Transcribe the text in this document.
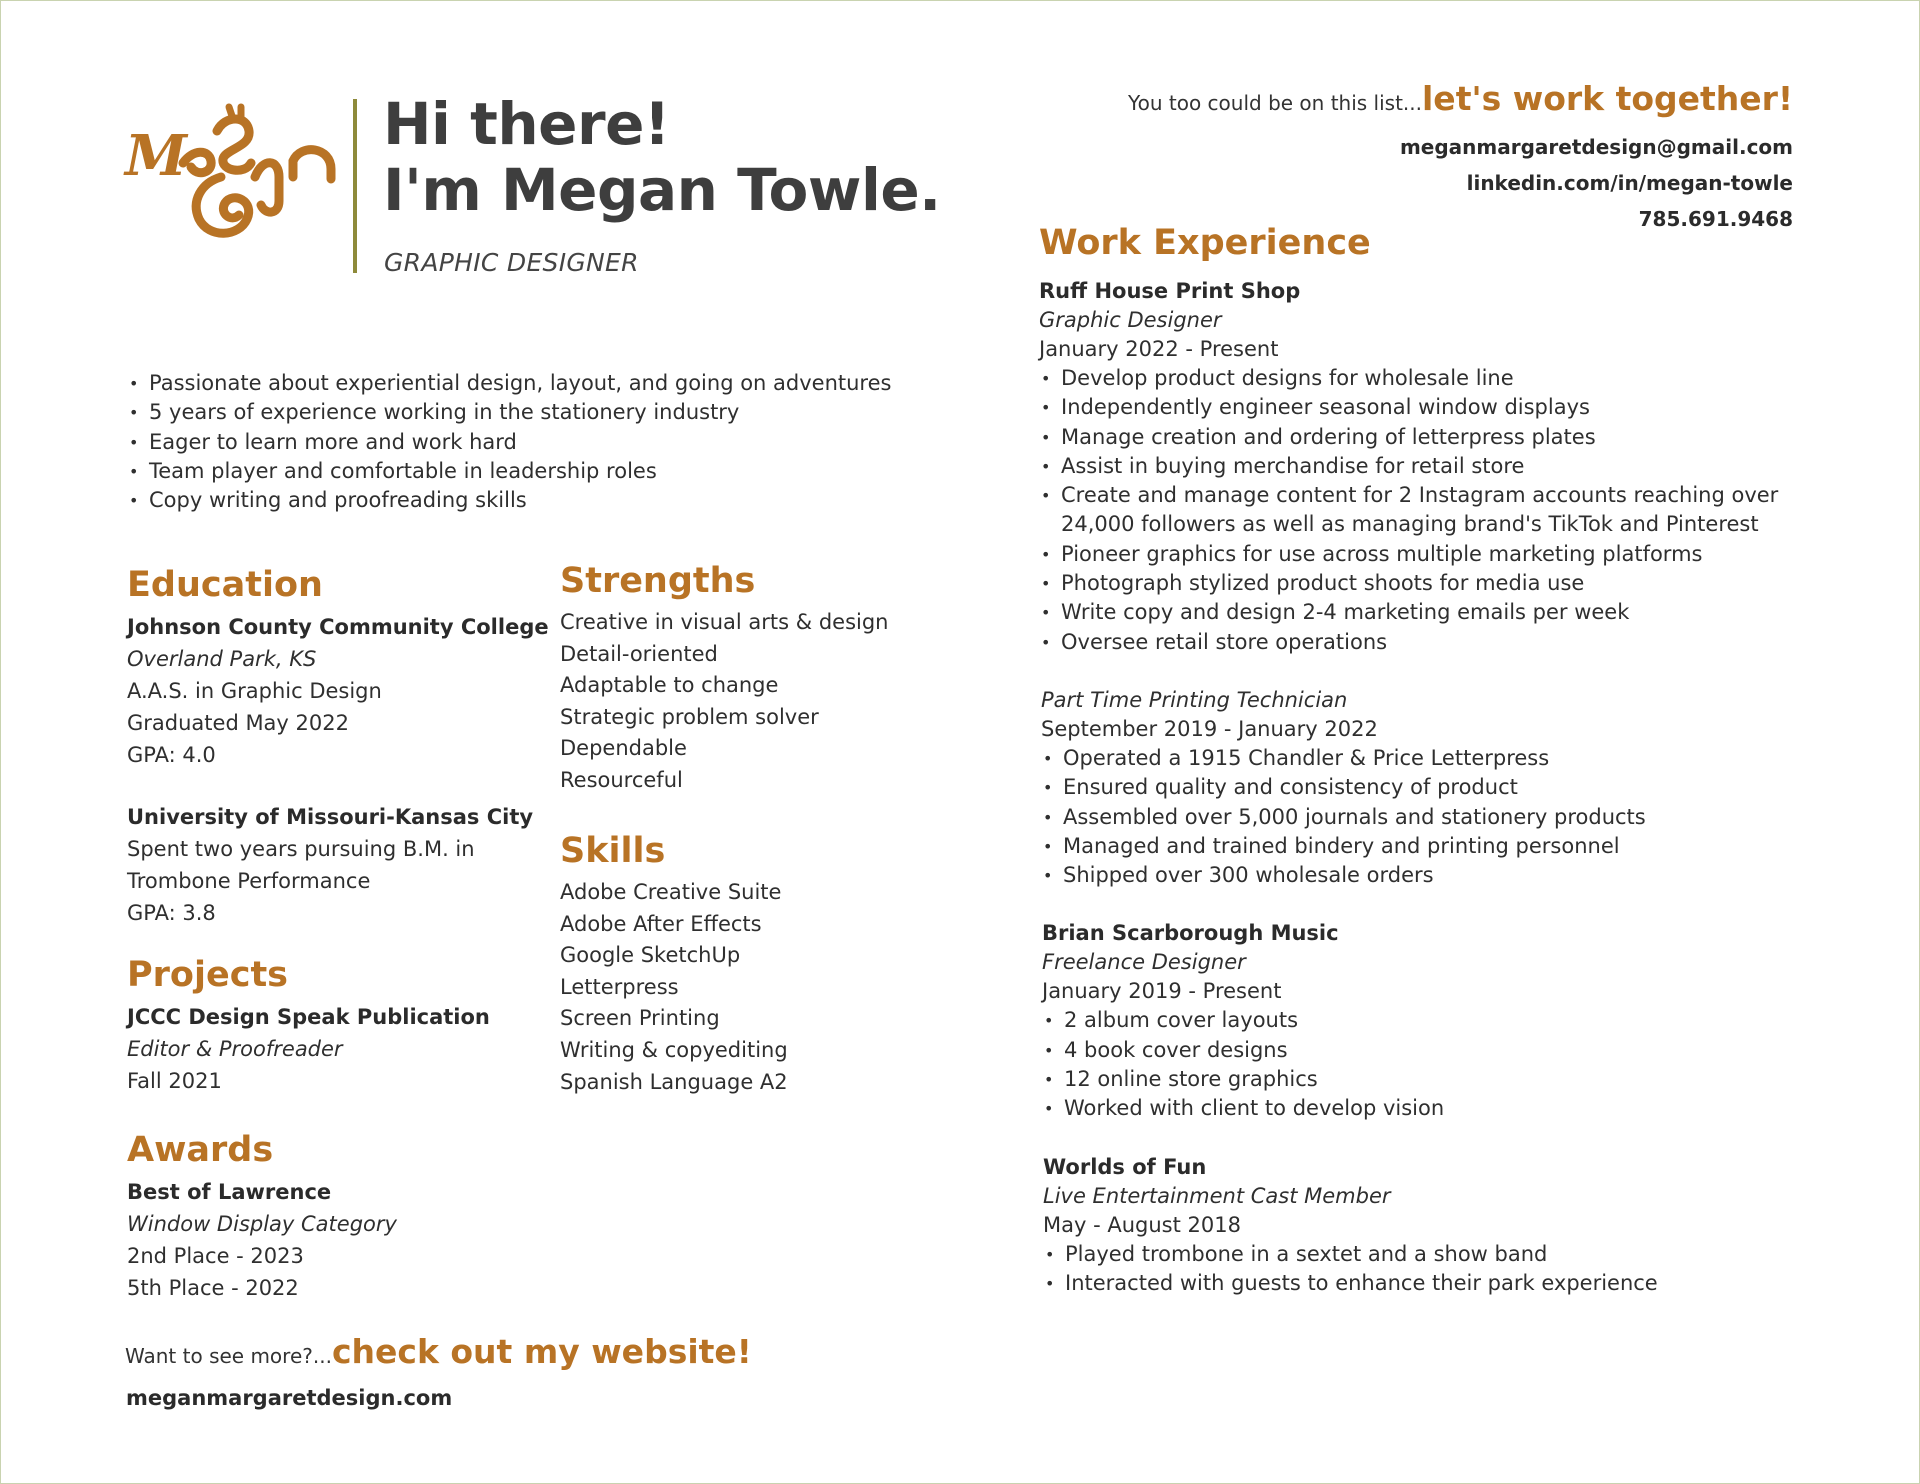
M	Hi there!
I'm Megan Towle.
GRAPHIC DESIGNER
You too could be on this list...let's work together!
meganmargaretdesign@gmail.com
linkedin.com/in/megan-towle
785.691.9468
• Passionate about experiential design, layout, and going on adventures
• 5 years of experience working in the stationery industry
• Eager to learn more and work hard
• Team player and comfortable in leadership roles
• Copy writing and proofreading skills
Education
Johnson County Community College
Overland Park, KS
A.A.S. in Graphic Design
Graduated May 2022
GPA: 4.0
University of Missouri-Kansas City
Spent two years pursuing B.M. in
Trombone Performance
GPA: 3.8
Projects
JCCC Design Speak Publication
Editor & Proofreader
Fall 2021
Awards
Best of Lawrence
Window Display Category
2nd Place - 2023
5th Place - 2022
Want to see more?...check out my website!
meganmargaretdesign.com
Strengths
Creative in visual arts & design
Detail-oriented
Adaptable to change
Strategic problem solver
Dependable
Resourceful
Skills
Adobe Creative Suite
Adobe After Effects
Google SketchUp
Letterpress
Screen Printing
Writing & copyediting
Spanish Language A2
Work Experience
Ruff House Print Shop
Graphic Designer
January 2022 - Present
• Develop product designs for wholesale line
• Independently engineer seasonal window displays
• Manage creation and ordering of letterpress plates
• Assist in buying merchandise for retail store
• Create and manage content for 2 Instagram accounts reaching over
24,000 followers as well as managing brand's TikTok and Pinterest
• Pioneer graphics for use across multiple marketing platforms
• Photograph stylized product shoots for media use
• Write copy and design 2-4 marketing emails per week
• Oversee retail store operations
Part Time Printing Technician
September 2019 - January 2022
• Operated a 1915 Chandler & Price Letterpress
• Ensured quality and consistency of product
• Assembled over 5,000 journals and stationery products
• Managed and trained bindery and printing personnel
• Shipped over 300 wholesale orders
Brian Scarborough Music
Freelance Designer
January 2019 - Present
• 2 album cover layouts
• 4 book cover designs
• 12 online store graphics
• Worked with client to develop vision
Worlds of Fun
Live Entertainment Cast Member
May - August 2018
• Played trombone in a sextet and a show band
• Interacted with guests to enhance their park experience
